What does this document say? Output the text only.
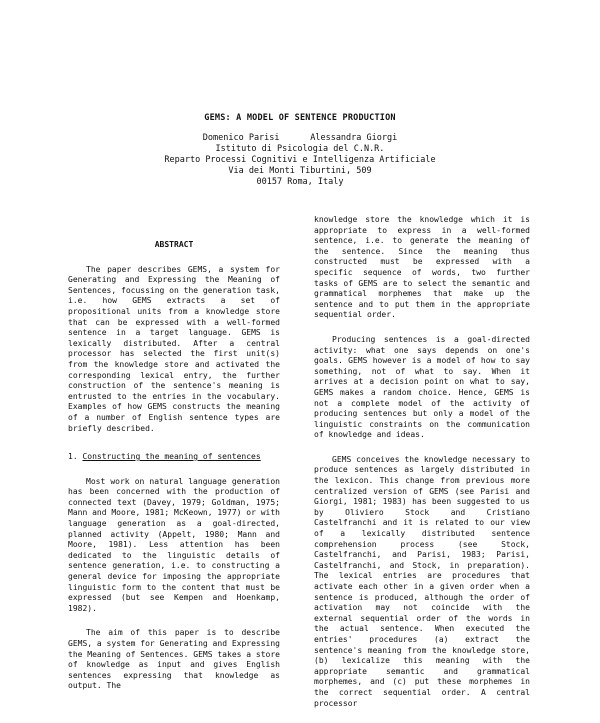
GEMS: A MODEL OF SENTENCE PRODUCTION
Domenico Parisi      Alessandra Giorgi
Istituto di Psicologia del C.N.R.
Reparto Processi Cognitivi e Intelligenza Artificiale
Via dei Monti Tiburtini, 509
00157 Roma, Italy
ABSTRACT

The paper describes GEMS, a system for Generating and Expressing the Meaning of Sentences, focussing on the generation task, i.e. how GEMS extracts a set of propositional units from a knowledge store that can be expressed with a well-formed sentence in a target language. GEMS is lexically distributed. After a central processor has selected the first unit(s) from the knowledge store and activated the corresponding lexical entry, the further construction of the sentence's meaning is entrusted to the entries in the vocabulary. Examples of how GEMS constructs the meaning of a number of English sentence types are briefly described.

1. Constructing the meaning of sentences

Most work on natural language generation has been concerned with the production of connected text (Davey, 1979; Goldman, 1975; Mann and Moore, 1981; McKeown, 1977) or with language generation as a goal-directed, planned activity (Appelt, 1980; Mann and Moore, 1981). Less attention has been dedicated to the linguistic details of sentence generation, i.e. to constructing a general device for imposing the appropriate linguistic form to the content that must be expressed (but see Kempen and Hoenkamp, 1982).

The aim of this paper is to describe GEMS, a system for Generating and Expressing the Meaning of Sentences. GEMS takes a store of knowledge as input and gives English sentences expressing that knowledge as output. The

knowledge store the knowledge which it is appropriate to express in a well-formed sentence, i.e. to generate the meaning of the sentence. Since the meaning thus constructed must be expressed with a specific sequence of words, two further tasks of GEMS are to select the semantic and grammatical morphemes that make up the sentence and to put them in the appropriate sequential order.

Producing sentences is a goal-directed activity: what one says depends on one's goals. GEMS however is a model of how to say something, not of what to say. When it arrives at a decision point on what to say, GEMS makes a random choice. Hence, GEMS is not a complete model of the activity of producing sentences but only a model of the linguistic constraints on the communication of knowledge and ideas.

GEMS conceives the knowledge necessary to produce sentences as largely distributed in the lexicon. This change from previous more centralized version of GEMS (see Parisi and Giorgi, 1981; 1983) has been suggested to us by Oliviero Stock and Cristiano Castelfranchi and it is related to our view of a lexically distributed sentence comprehension process (see Stock, Castelfranchi, and Parisi, 1983; Parisi, Castelfranchi, and Stock, in preparation). The lexical entries are procedures that activate each other in a given order when a sentence is produced, although the order of activation may not coincide with the external sequential order of the words in the actual sentence. When executed the entries' procedures (a) extract the sentence's meaning from the knowledge store, (b) lexicalize this meaning with the appropriate semantic and grammatical morphemes, and (c) put these morphemes in the correct sequential order. A central processor
